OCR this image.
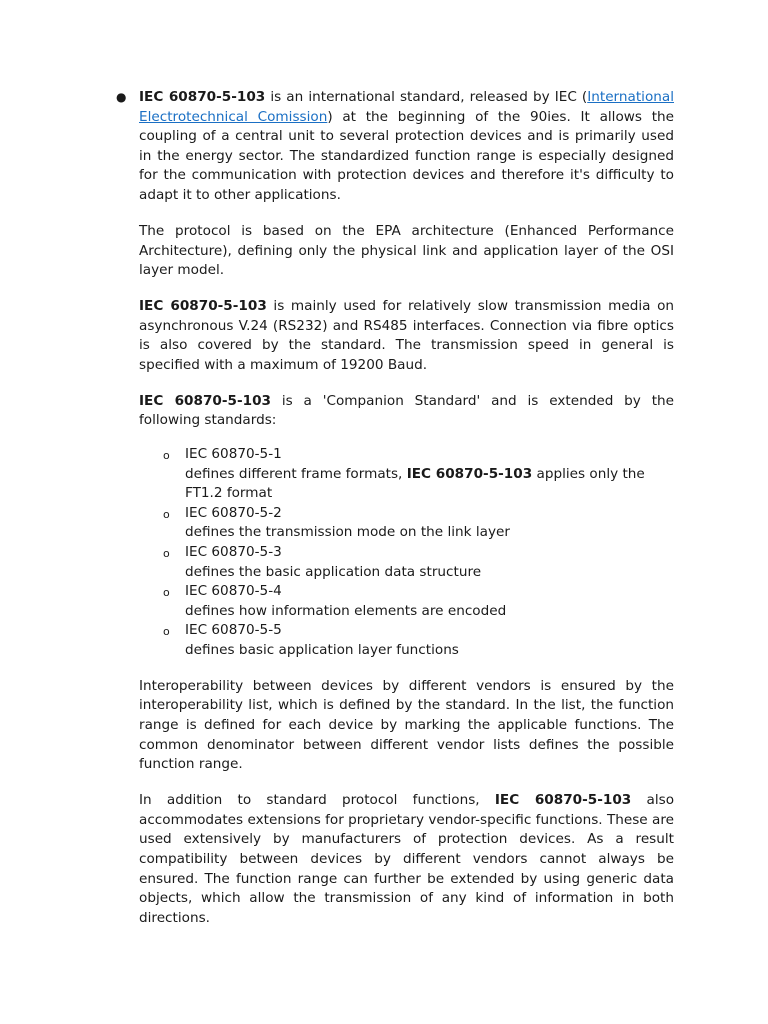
● IEC 60870-5-103 is an international standard, released by IEC (International Electrotechnical Comission) at the beginning of the 90ies. It allows the coupling of a central unit to several protection devices and is primarily used in the energy sector. The standardized function range is especially designed for the communication with protection devices and therefore it's difficulty to adapt it to other applications.

The protocol is based on the EPA architecture (Enhanced Performance Architecture), defining only the physical link and application layer of the OSI layer model.

IEC 60870-5-103 is mainly used for relatively slow transmission media on asynchronous V.24 (RS232) and RS485 interfaces. Connection via fibre optics is also covered by the standard. The transmission speed in general is specified with a maximum of 19200 Baud.

IEC 60870-5-103 is a 'Companion Standard' and is extended by the following standards:

o IEC 60870-5-1
defines different frame formats, IEC 60870-5-103 applies only the FT1.2 format
o IEC 60870-5-2
defines the transmission mode on the link layer
o IEC 60870-5-3
defines the basic application data structure
o IEC 60870-5-4
defines how information elements are encoded
o IEC 60870-5-5
defines basic application layer functions

Interoperability between devices by different vendors is ensured by the interoperability list, which is defined by the standard. In the list, the function range is defined for each device by marking the applicable functions. The common denominator between different vendor lists defines the possible function range.

In addition to standard protocol functions, IEC 60870-5-103 also accommodates extensions for proprietary vendor-specific functions. These are used extensively by manufacturers of protection devices. As a result compatibility between devices by different vendors cannot always be ensured. The function range can further be extended by using generic data objects, which allow the transmission of any kind of information in both directions.
